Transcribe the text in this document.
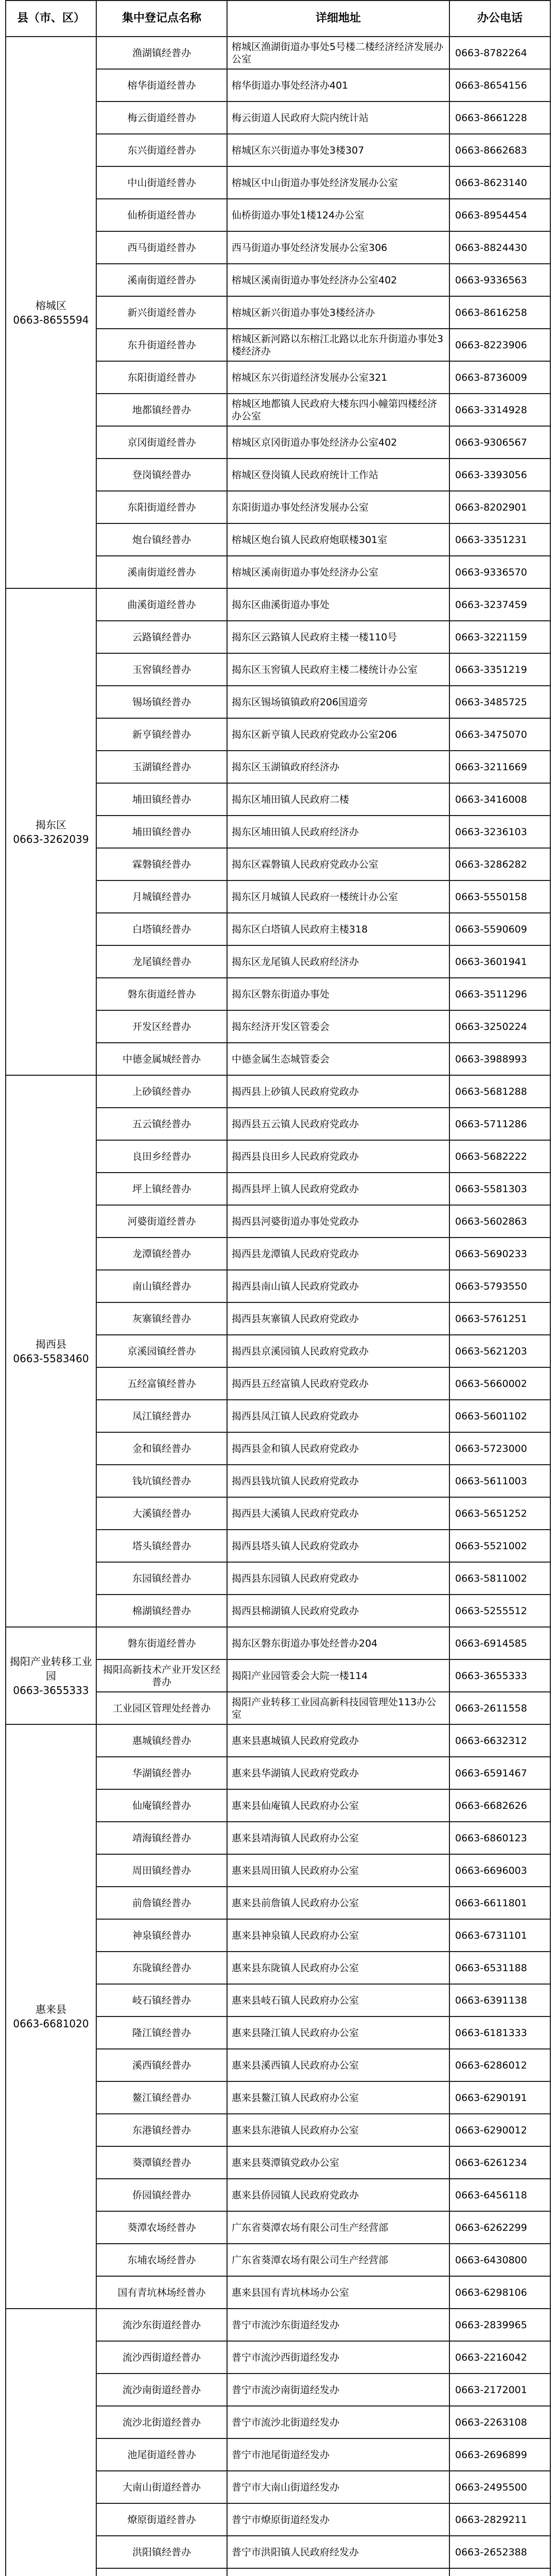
县（市、区）	集中登记点名称	详细地址	办公电话

榕城区
0663-8655594	渔湖镇经普办	榕城区渔湖街道办事处5号楼二楼经济经济发展办公室	0663-8782264
	榕华街道经普办	榕华街道办事处经济办401	0663-8654156
	梅云街道经普办	梅云街道人民政府大院内统计站	0663-8661228
	东兴街道经普办	榕城区东兴街道办事处3楼307	0663-8662683
	中山街道经普办	榕城区中山街道办事处经济发展办公室	0663-8623140
	仙桥街道经普办	仙桥街道办事处1楼124办公室	0663-8954454
	西马街道经普办	西马街道办事处经济发展办公室306	0663-8824430
	溪南街道经普办	榕城区溪南街道办事处经济办公室402	0663-9336563
	新兴街道经普办	榕城区新兴街道办事处3楼经济办	0663-8616258
	东升街道经普办	榕城区新河路以东榕江北路以北东升街道办事处3楼经济办	0663-8223906
	东阳街道经普办	榕城区东兴街道经济发展办公室321	0663-8736009
	地都镇经普办	榕城区地都镇人民政府大楼东四小幢第四楼经济办公室	0663-3314928
	京冈街道经普办	榕城区京冈街道办事处经济办公室402	0663-9306567
	登岗镇经普办	榕城区登岗镇人民政府统计工作站	0663-3393056
	东阳街道经普办	东阳街道办事处经济发展办公室	0663-8202901
	炮台镇经普办	榕城区炮台镇人民政府炮联楼301室	0663-3351231
	溪南街道经普办	榕城区溪南街道办事处经济办公室	0663-9336570

揭东区
0663-3262039	曲溪街道经普办	揭东区曲溪街道办事处	0663-3237459
	云路镇经普办	揭东区云路镇人民政府主楼一楼110号	0663-3221159
	玉窖镇经普办	揭东区玉窖镇人民政府主楼二楼统计办公室	0663-3351219
	锡场镇经普办	揭东区锡场镇镇政府206国道旁	0663-3485725
	新亨镇经普办	揭东区新亨镇人民政府党政办公室206	0663-3475070
	玉湖镇经普办	揭东区玉湖镇政府经济办	0663-3211669
	埔田镇经普办	揭东区埔田镇人民政府二楼	0663-3416008
	埔田镇经普办	揭东区埔田镇人民政府经济办	0663-3236103
	霖磐镇经普办	揭东区霖磐镇人民政府党政办公室	0663-3286282
	月城镇经普办	揭东区月城镇人民政府一楼统计办公室	0663-5550158
	白塔镇经普办	揭东区白塔镇人民政府主楼318	0663-5590609
	龙尾镇经普办	揭东区龙尾镇人民政府经济办	0663-3601941
	磐东街道经普办	揭东区磐东街道办事处	0663-3511296
	开发区经普办	揭东经济开发区管委会	0663-3250224
	中德金属城经普办	中德金属生态城管委会	0663-3988993

揭西县
0663-5583460	上砂镇经普办	揭西县上砂镇人民政府党政办	0663-5681288
	五云镇经普办	揭西县五云镇人民政府党政办	0663-5711286
	良田乡经普办	揭西县良田乡人民政府党政办	0663-5682222
	坪上镇经普办	揭西县坪上镇人民政府党政办	0663-5581303
	河婆街道经普办	揭西县河婆街道办事处党政办	0663-5602863
	龙潭镇经普办	揭西县龙潭镇人民政府党政办	0663-5690233
	南山镇经普办	揭西县南山镇人民政府党政办	0663-5793550
	灰寨镇经普办	揭西县灰寨镇人民政府党政办	0663-5761251
	京溪园镇经普办	揭西县京溪园镇人民政府党政办	0663-5621203
	五经富镇经普办	揭西县五经富镇人民政府党政办	0663-5660002
	凤江镇经普办	揭西县凤江镇人民政府党政办	0663-5601102
	金和镇经普办	揭西县金和镇人民政府党政办	0663-5723000
	钱坑镇经普办	揭西县钱坑镇人民政府党政办	0663-5611003
	大溪镇经普办	揭西县大溪镇人民政府党政办	0663-5651252
	塔头镇经普办	揭西县塔头镇人民政府党政办	0663-5521002
	东园镇经普办	揭西县东园镇人民政府党政办	0663-5811002
	棉湖镇经普办	揭西县棉湖镇人民政府党政办	0663-5255512

揭阳产业转移工业园
0663-3655333	磐东街道经普办	揭东区磐东街道办事处经普办204	0663-6914585
	揭阳高新技术产业开发区经普办	揭阳产业园管委会大院一楼114	0663-3655333
	工业园区管理处经普办	揭阳产业转移工业园高新科技园管理处113办公室	0663-2611558

惠来县
0663-6681020	惠城镇经普办	惠来县惠城镇人民政府党政办	0663-6632312
	华湖镇经普办	惠来县华湖镇人民政府党政办	0663-6591467
	仙庵镇经普办	惠来县仙庵镇人民政府办公室	0663-6682626
	靖海镇经普办	惠来县靖海镇人民政府办公室	0663-6860123
	周田镇经普办	惠来县周田镇人民政府办公室	0663-6696003
	前詹镇经普办	惠来县前詹镇人民政府办公室	0663-6611801
	神泉镇经普办	惠来县神泉镇人民政府办公室	0663-6731101
	东陇镇经普办	惠来县东陇镇人民政府办公室	0663-6531188
	岐石镇经普办	惠来县岐石镇人民政府办公室	0663-6391138
	隆江镇经普办	惠来县隆江镇人民政府办公室	0663-6181333
	溪西镇经普办	惠来县溪西镇人民政府办公室	0663-6286012
	鳌江镇经普办	惠来县鳌江镇人民政府办公室	0663-6290191
	东港镇经普办	惠来县东港镇人民政府办公室	0663-6290012
	葵潭镇经普办	惠来县葵潭镇党政办公室	0663-6261234
	侨园镇经普办	惠来县侨园镇人民政府党政办	0663-6456118
	葵潭农场经普办	广东省葵潭农场有限公司生产经营部	0663-6262299
	东埔农场经普办	广东省葵潭农场有限公司生产经营部	0663-6430800
	国有青坑林场经普办	惠来县国有青坑林场办公室	0663-6298106

	流沙东街道经普办	普宁市流沙东街道经发办	0663-2839965
	流沙西街道经普办	普宁市流沙西街道经发办	0663-2216042
	流沙南街道经普办	普宁市流沙南街道经发办	0663-2172001
	流沙北街道经普办	普宁市流沙北街道经发办	0663-2263108
	池尾街道经普办	普宁市池尾街道经发办	0663-2696899
	大南山街道经普办	普宁市大南山街道经发办	0663-2495500
	燎原街道经普办	普宁市燎原街道经发办	0663-2829211
	洪阳镇经普办	普宁市洪阳镇人民政府经发办	0663-2652388
